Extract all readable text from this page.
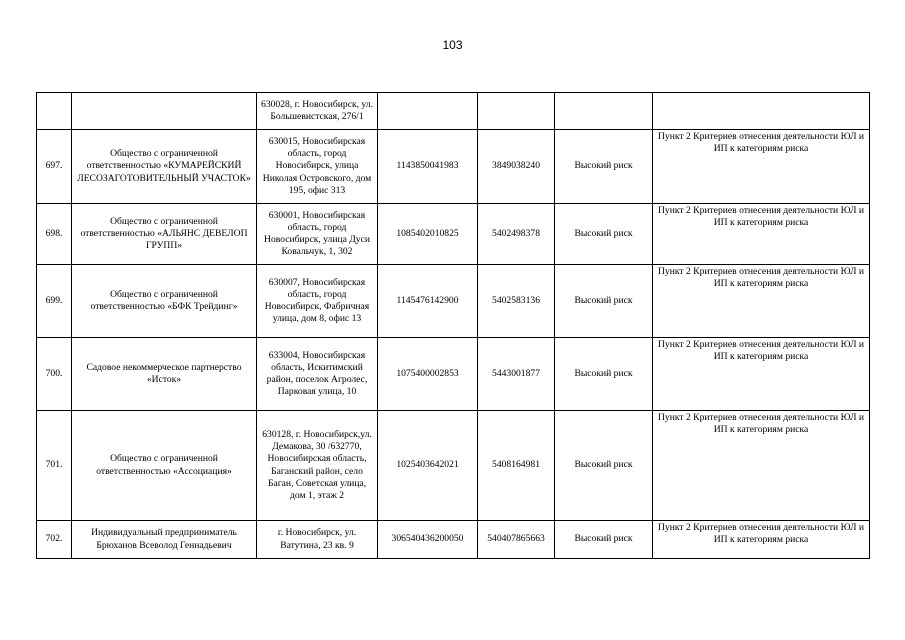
103
		630028, г. Новосибирск, ул. Большевистская, 276/1				
697.	Общество с ограниченной ответственностью «КУМАРЕЙСКИЙ ЛЕСОЗАГОТОВИТЕЛЬНЫЙ УЧАСТОК»	630015, Новосибирская область, город Новосибирск, улица Николая Островского, дом 195, офис 313	1143850041983	3849038240	Высокий риск	Пункт 2 Критериев отнесения деятельности ЮЛ и ИП к категориям риска
698.	Общество с ограниченной ответственностью «АЛЬЯНС ДЕВЕЛОП ГРУПП»	630001, Новосибирская область, город Новосибирск, улица Дуси Ковальчук, 1, 302	1085402010825	5402498378	Высокий риск	Пункт 2 Критериев отнесения деятельности ЮЛ и ИП к категориям риска
699.	Общество с ограниченной ответственностью «БФК Трейдинг»	630007, Новосибирская область, город Новосибирск, Фабричная улица, дом 8, офис 13	1145476142900	5402583136	Высокий риск	Пункт 2 Критериев отнесения деятельности ЮЛ и ИП к категориям риска
700.	Садовое некоммерческое партнерство «Исток»	633004, Новосибирская область, Искитимский район, поселок Агролес, Парковая улица, 10	1075400002853	5443001877	Высокий риск	Пункт 2 Критериев отнесения деятельности ЮЛ и ИП к категориям риска
701.	Общество с ограниченной ответственностью «Ассоциация»	630128, г. Новосибирск,ул. Демакова, 30 /632770, Новосибирская область, Баганский район, село Баган, Советская улица, дом 1, этаж 2	1025403642021	5408164981	Высокий риск	Пункт 2 Критериев отнесения деятельности ЮЛ и ИП к категориям риска
702.	Индивидуальный предприниматель Брюханов Всеволод Геннадьевич	г. Новосибирск, ул. Ватутина, 23 кв. 9	306540436200050	540407865663	Высокий риск	Пункт 2 Критериев отнесения деятельности ЮЛ и ИП к категориям риска
